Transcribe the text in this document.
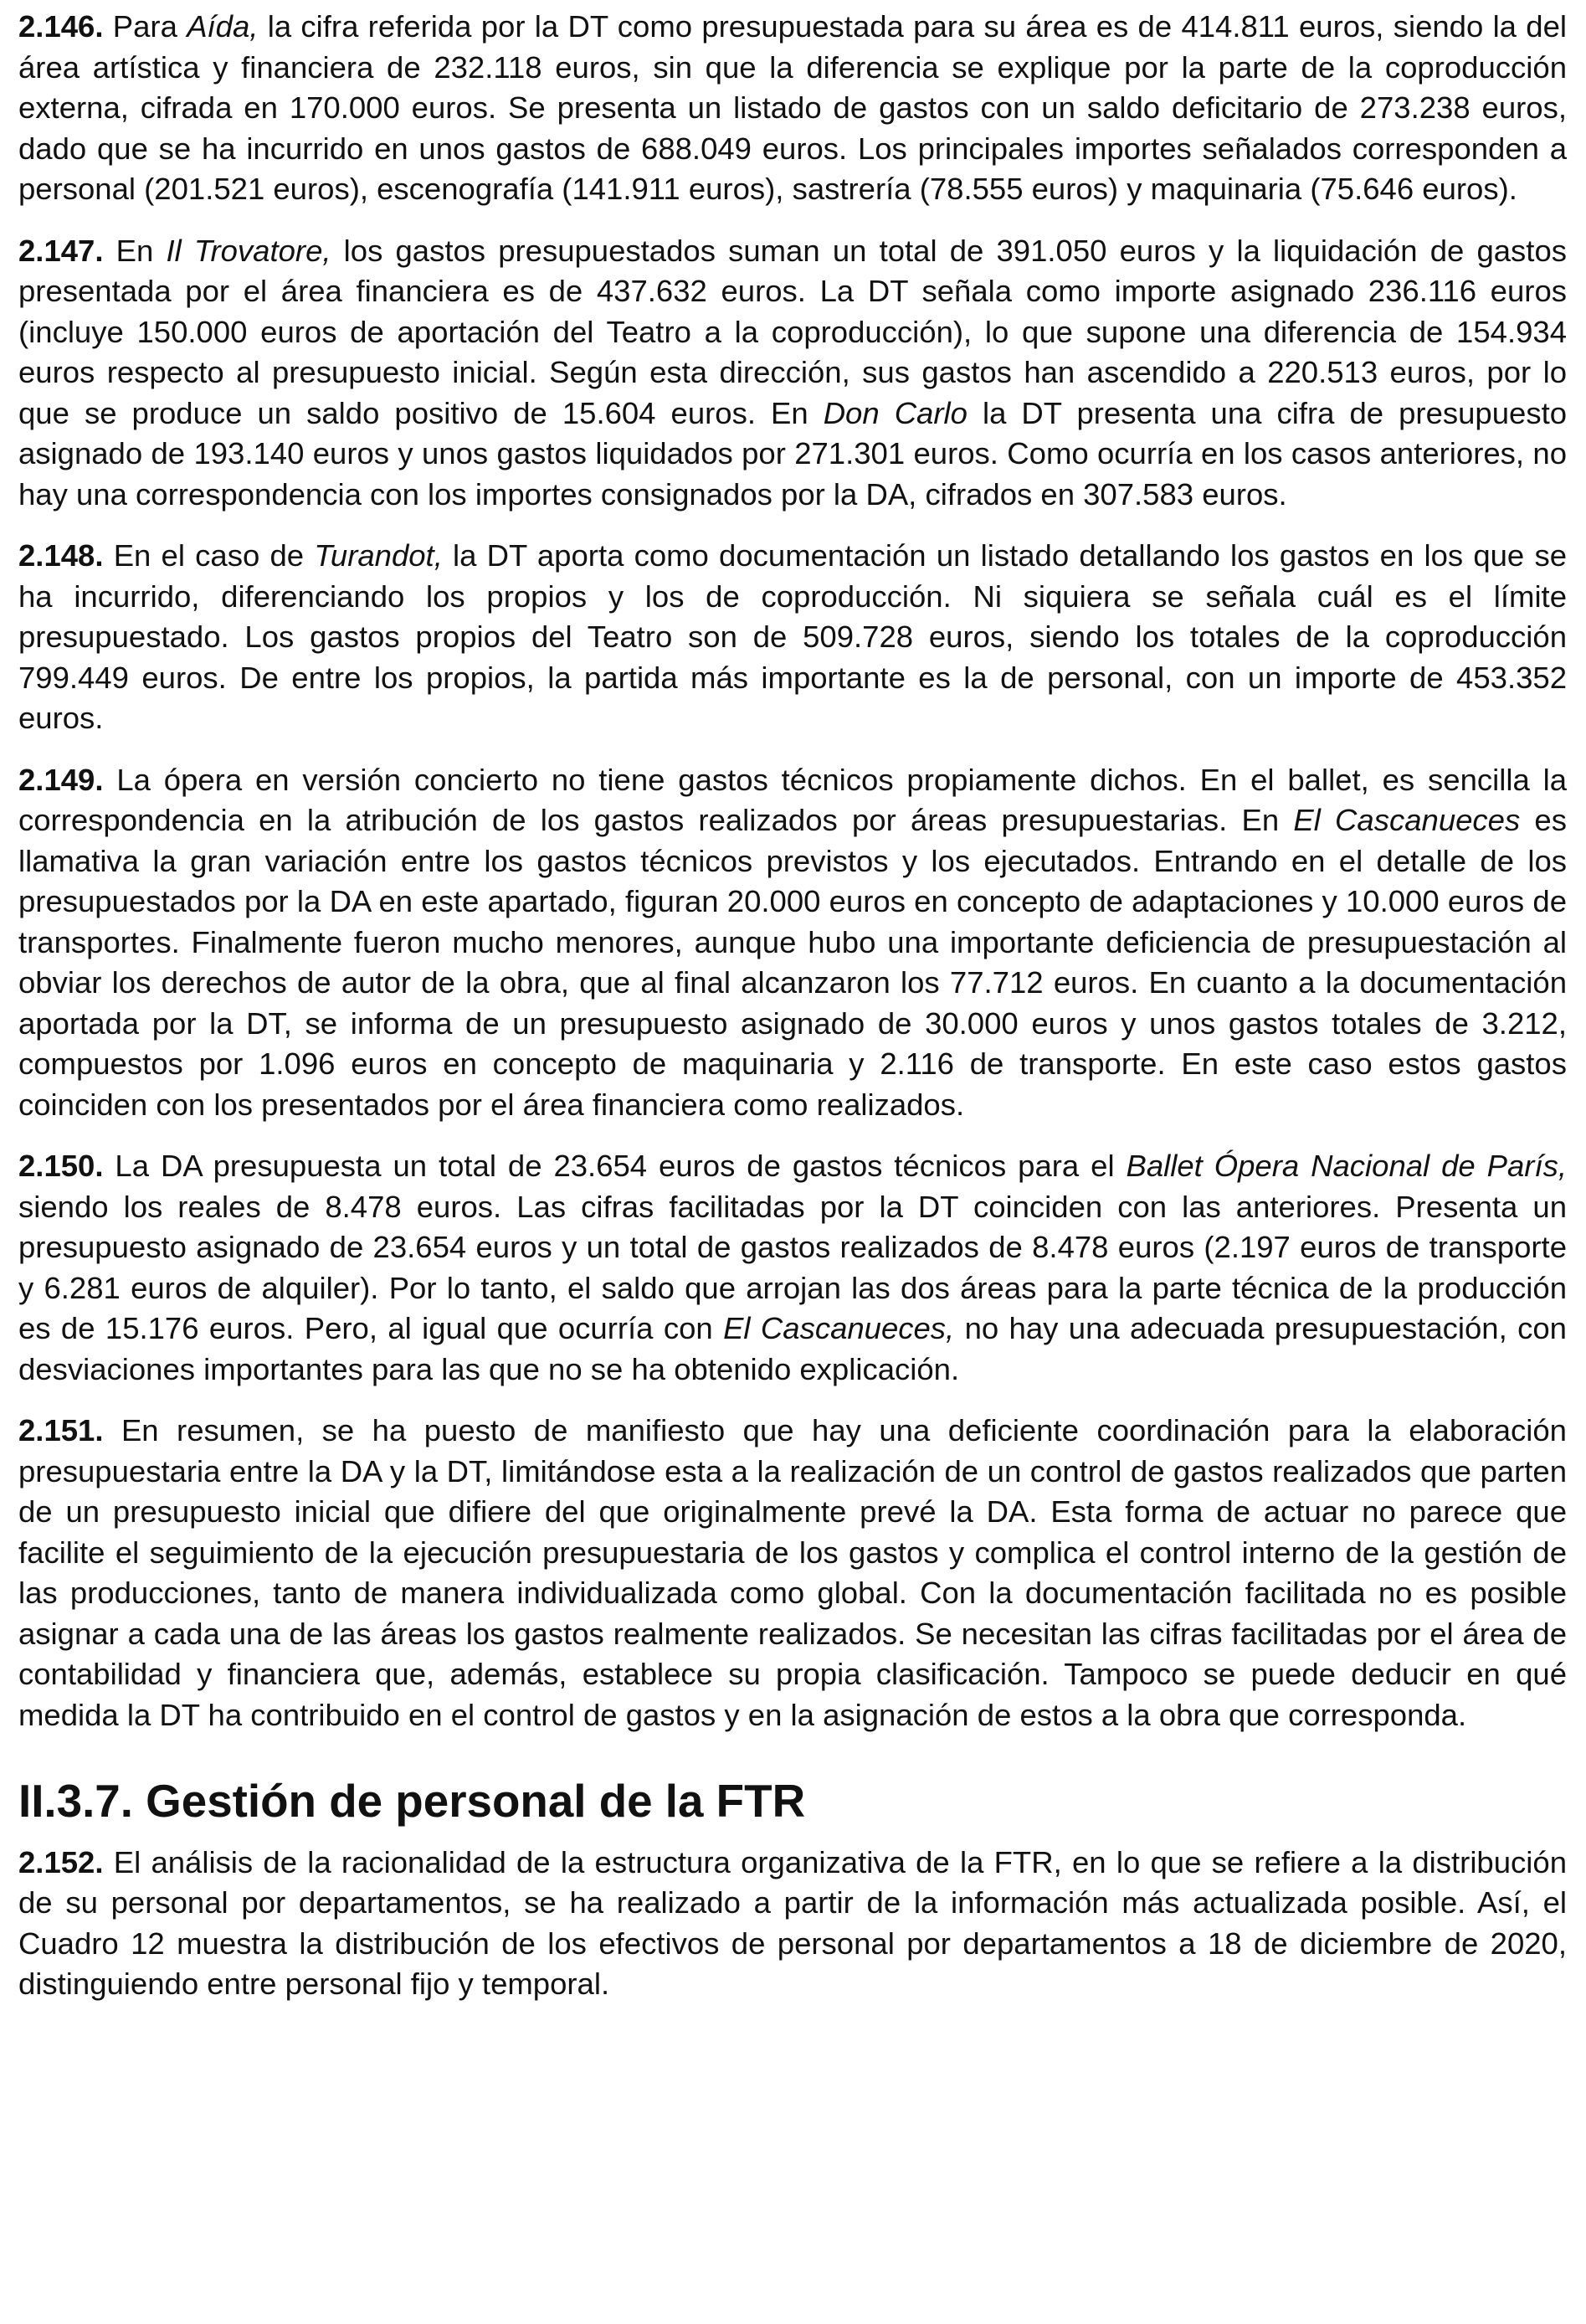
2.146. Para Aída, la cifra referida por la DT como presupuestada para su área es de 414.811 euros, siendo la del área artística y financiera de 232.118 euros, sin que la diferencia se explique por la parte de la coproducción externa, cifrada en 170.000 euros. Se presenta un listado de gastos con un saldo deficitario de 273.238 euros, dado que se ha incurrido en unos gastos de 688.049 euros. Los principales importes señalados corresponden a personal (201.521 euros), escenografía (141.911 euros), sastrería (78.555 euros) y maquinaria (75.646 euros).

2.147. En Il Trovatore, los gastos presupuestados suman un total de 391.050 euros y la liquidación de gastos presentada por el área financiera es de 437.632 euros. La DT señala como importe asignado 236.116 euros (incluye 150.000 euros de aportación del Teatro a la coproducción), lo que supone una diferencia de 154.934 euros respecto al presupuesto inicial. Según esta dirección, sus gastos han ascendido a 220.513 euros, por lo que se produce un saldo positivo de 15.604 euros. En Don Carlo la DT presenta una cifra de presupuesto asignado de 193.140 euros y unos gastos liquidados por 271.301 euros. Como ocurría en los casos anteriores, no hay una correspondencia con los importes consignados por la DA, cifrados en 307.583 euros.

2.148. En el caso de Turandot, la DT aporta como documentación un listado detallando los gastos en los que se ha incurrido, diferenciando los propios y los de coproducción. Ni siquiera se señala cuál es el límite presupuestado. Los gastos propios del Teatro son de 509.728 euros, siendo los totales de la coproducción 799.449 euros. De entre los propios, la partida más importante es la de personal, con un importe de 453.352 euros.

2.149. La ópera en versión concierto no tiene gastos técnicos propiamente dichos. En el ballet, es sencilla la correspondencia en la atribución de los gastos realizados por áreas presupuestarias. En El Cascanueces es llamativa la gran variación entre los gastos técnicos previstos y los ejecutados. Entrando en el detalle de los presupuestados por la DA en este apartado, figuran 20.000 euros en concepto de adaptaciones y 10.000 euros de transportes. Finalmente fueron mucho menores, aunque hubo una importante deficiencia de presupuestación al obviar los derechos de autor de la obra, que al final alcanzaron los 77.712 euros. En cuanto a la documentación aportada por la DT, se informa de un presupuesto asignado de 30.000 euros y unos gastos totales de 3.212, compuestos por 1.096 euros en concepto de maquinaria y 2.116 de transporte. En este caso estos gastos coinciden con los presentados por el área financiera como realizados.

2.150. La DA presupuesta un total de 23.654 euros de gastos técnicos para el Ballet Ópera Nacional de París, siendo los reales de 8.478 euros. Las cifras facilitadas por la DT coinciden con las anteriores. Presenta un presupuesto asignado de 23.654 euros y un total de gastos realizados de 8.478 euros (2.197 euros de transporte y 6.281 euros de alquiler). Por lo tanto, el saldo que arrojan las dos áreas para la parte técnica de la producción es de 15.176 euros. Pero, al igual que ocurría con El Cascanueces, no hay una adecuada presupuestación, con desviaciones importantes para las que no se ha obtenido explicación.

2.151. En resumen, se ha puesto de manifiesto que hay una deficiente coordinación para la elaboración presupuestaria entre la DA y la DT, limitándose esta a la realización de un control de gastos realizados que parten de un presupuesto inicial que difiere del que originalmente prevé la DA. Esta forma de actuar no parece que facilite el seguimiento de la ejecución presupuestaria de los gastos y complica el control interno de la gestión de las producciones, tanto de manera individualizada como global. Con la documentación facilitada no es posible asignar a cada una de las áreas los gastos realmente realizados. Se necesitan las cifras facilitadas por el área de contabilidad y financiera que, además, establece su propia clasificación. Tampoco se puede deducir en qué medida la DT ha contribuido en el control de gastos y en la asignación de estos a la obra que corresponda.

II.3.7. Gestión de personal de la FTR

2.152. El análisis de la racionalidad de la estructura organizativa de la FTR, en lo que se refiere a la distribución de su personal por departamentos, se ha realizado a partir de la información más actualizada posible. Así, el Cuadro 12 muestra la distribución de los efectivos de personal por departamentos a 18 de diciembre de 2020, distinguiendo entre personal fijo y temporal.
